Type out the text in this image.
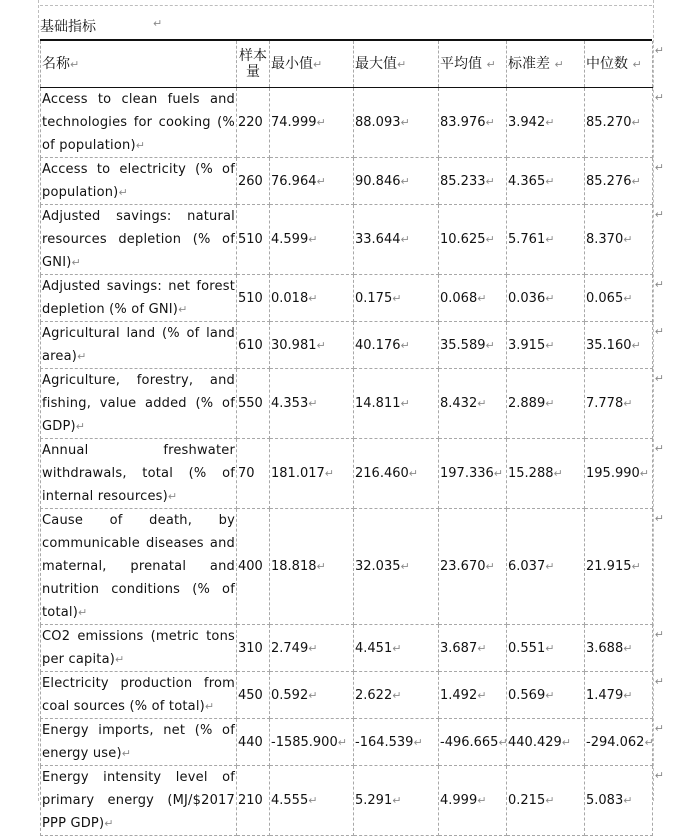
基础指标	↵
名称↵	样本量	最小值↵	最大值↵	平均值 ↵	标准差 ↵	中位数 ↵
Access to clean fuels and technologies for cooking (% of population)↵	220	74.999↵	88.093↵	83.976↵	3.942↵	85.270↵
Access to electricity (% of population)↵	260	76.964↵	90.846↵	85.233↵	4.365↵	85.276↵
Adjusted savings: natural resources depletion (% of GNI)↵	510	4.599↵	33.644↵	10.625↵	5.761↵	8.370↵
Adjusted savings: net forest depletion (% of GNI)↵	510	0.018↵	0.175↵	0.068↵	0.036↵	0.065↵
Agricultural land (% of land area)↵	610	30.981↵	40.176↵	35.589↵	3.915↵	35.160↵
Agriculture, forestry, and fishing, value added (% of GDP)↵	550	4.353↵	14.811↵	8.432↵	2.889↵	7.778↵
Annual freshwater withdrawals, total (% of internal resources)↵	70	181.017↵	216.460↵	197.336↵	15.288↵	195.990↵
Cause of death, by communicable diseases and maternal, prenatal and nutrition conditions (% of total)↵	400	18.818↵	32.035↵	23.670↵	6.037↵	21.915↵
CO2 emissions (metric tons per capita)↵	310	2.749↵	4.451↵	3.687↵	0.551↵	3.688↵
Electricity production from coal sources (% of total)↵	450	0.592↵	2.622↵	1.492↵	0.569↵	1.479↵
Energy imports, net (% of energy use)↵	440	-1585.900↵	-164.539↵	-496.665↵	440.429↵	-294.062↵
Energy intensity level of primary energy (MJ/$2017 PPP GDP)↵	210	4.555↵	5.291↵	4.999↵	0.215↵	5.083↵
↵
↵
↵
↵
↵
↵
↵
↵
↵
↵
↵
↵
↵
